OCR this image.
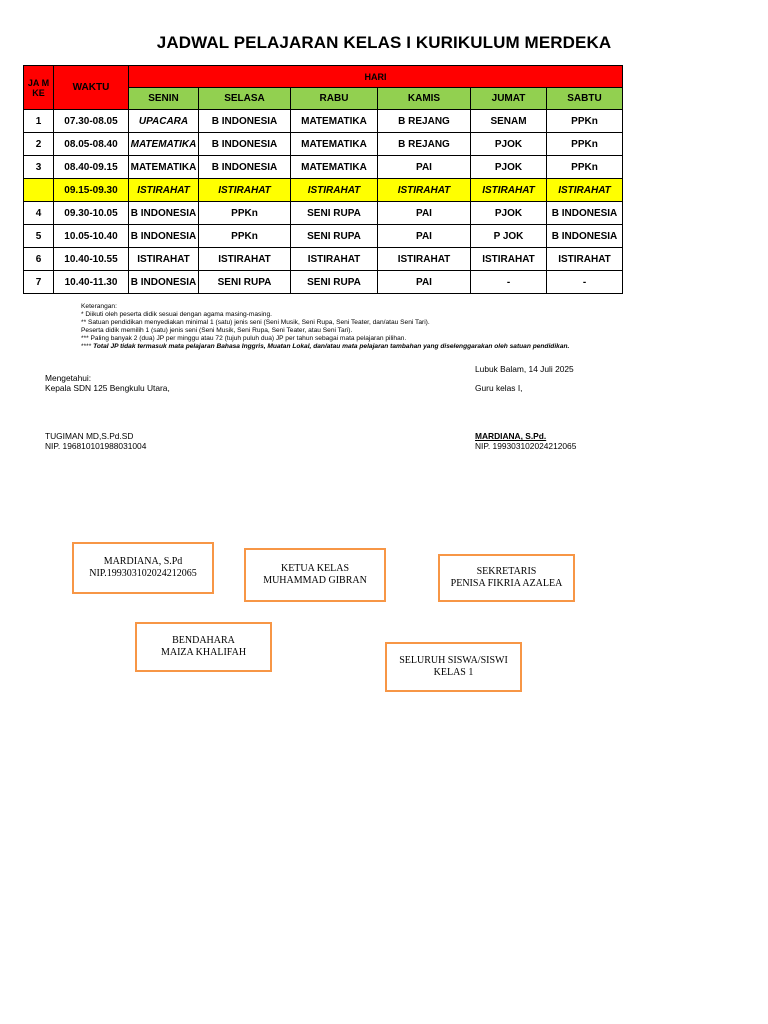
JADWAL PELAJARAN KELAS I KURIKULUM MERDEKA
JA M KE	WAKTU	HARI					
		SENIN	SELASA	RABU	KAMIS	JUMAT	SABTU
1	07.30-08.05	UPACARA	B INDONESIA	MATEMATIKA	B REJANG	SENAM	PPKn
2	08.05-08.40	MATEMATIKA	B INDONESIA	MATEMATIKA	B REJANG	PJOK	PPKn
3	08.40-09.15	MATEMATIKA	B INDONESIA	MATEMATIKA	PAI	PJOK	PPKn
	09.15-09.30	ISTIRAHAT	ISTIRAHAT	ISTIRAHAT	ISTIRAHAT	ISTIRAHAT	ISTIRAHAT
4	09.30-10.05	B INDONESIA	PPKn	SENI RUPA	PAI	PJOK	B INDONESIA
5	10.05-10.40	B INDONESIA	PPKn	SENI RUPA	PAI	P JOK	B INDONESIA
6	10.40-10.55	ISTIRAHAT	ISTIRAHAT	ISTIRAHAT	ISTIRAHAT	ISTIRAHAT	ISTIRAHAT
7	10.40-11.30	B INDONESIA	SENI RUPA	SENI RUPA	PAI	-	-
Keterangan:
* Diikuti oleh peserta didik sesuai dengan agama masing-masing.
** Satuan pendidikan menyediakan minimal 1 (satu) jenis seni (Seni Musik, Seni Rupa, Seni Teater, dan/atau Seni Tari).
Peserta didik memilih 1 (satu) jenis seni (Seni Musik, Seni Rupa, Seni Teater, atau Seni Tari).
*** Paling banyak 2 (dua) JP per minggu atau 72 (tujuh puluh dua) JP per tahun sebagai mata pelajaran pilihan.
**** Total JP tidak termasuk mata pelajaran Bahasa Inggris, Muatan Lokal, dan/atau mata pelajaran tambahan yang diselenggarakan oleh satuan pendidikan.
Mengetahui:
Kepala SDN 125 Bengkulu Utara,
TUGIMAN MD,S.Pd.SD
NIP. 196810101988031004
Lubuk Balam, 14 Juli 2025
Guru kelas I,
MARDIANA, S.Pd.
NIP. 199303102024212065
MARDIANA, S.Pd
NIP.199303102024212065	KETUA KELAS
MUHAMMAD GIBRAN
SEKRETARIS
PENISA FIKRIA AZALEA
BENDAHARA
MAIZA KHALIFAH
SELURUH SISWA/SISWI
KELAS 1
